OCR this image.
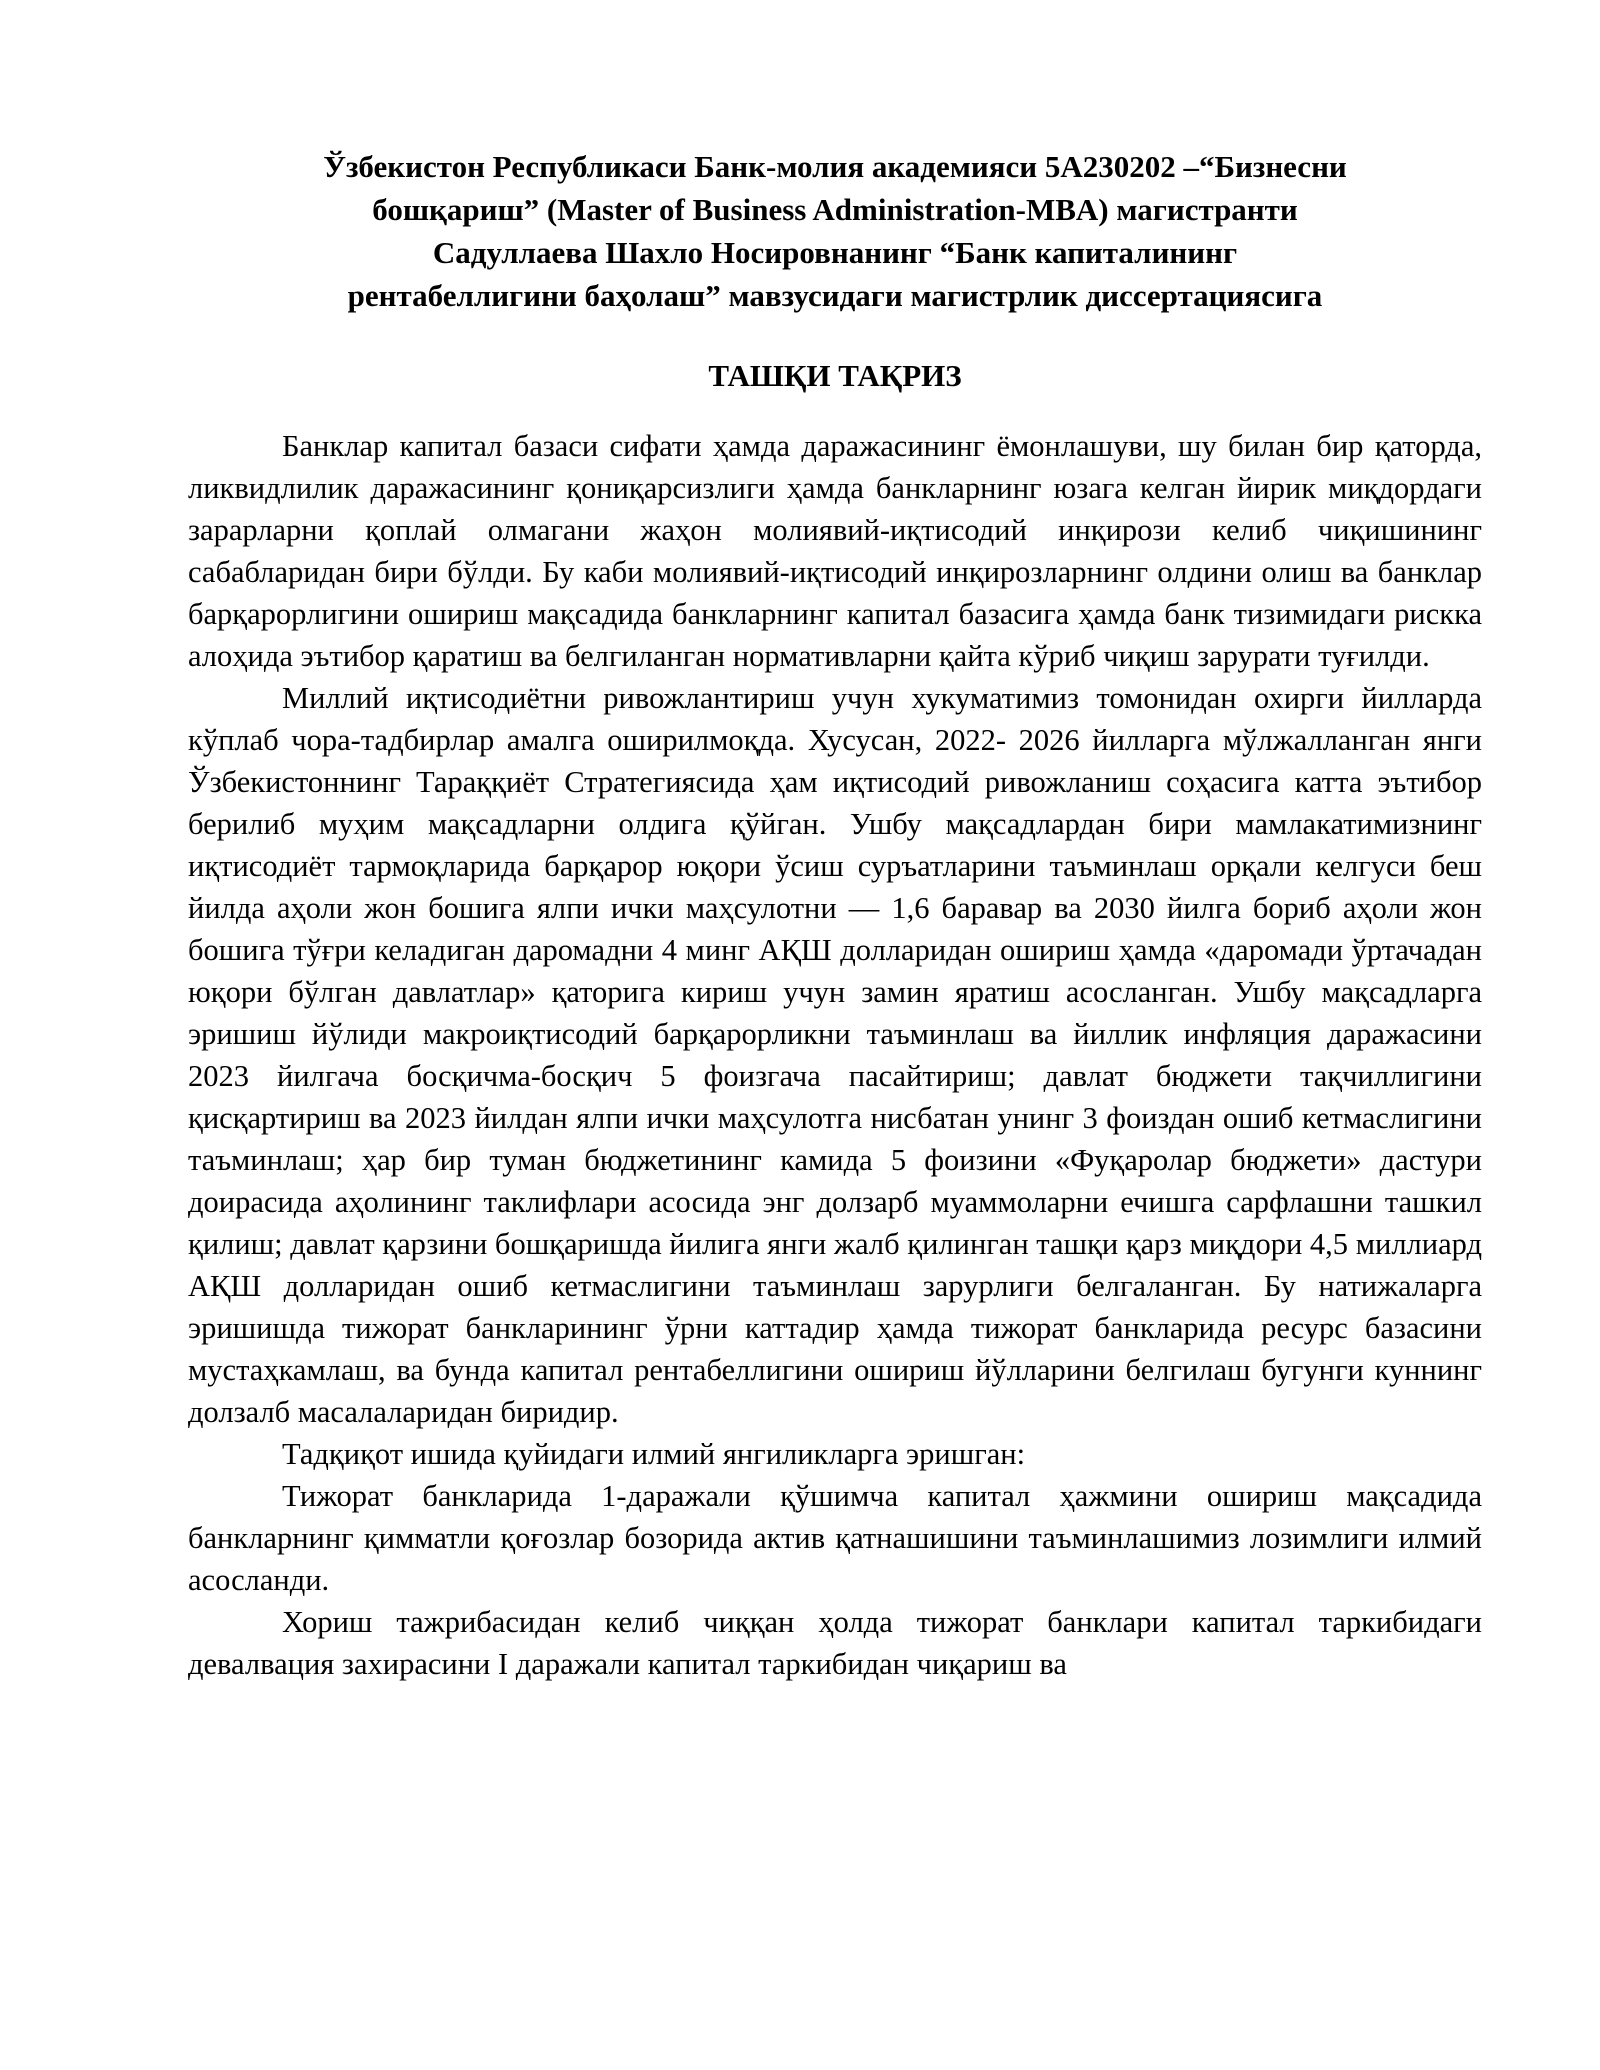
Ўзбекистон Республикаси Банк-молия академияси 5А230202 –“Бизнесни
бошқариш” (Master of Business Administration-MBA) магистранти
Садуллаева Шахло Носировнанинг “Банк капиталининг
рентабеллигини баҳолаш” мавзусидаги магистрлик диссертациясига
ТАШҚИ ТАҚРИЗ

Банклар капитал базаси сифати ҳамда даражасининг ёмонлашуви, шу билан бир қаторда, ликвидлилик даражасининг қониқарсизлиги ҳамда банкларнинг юзага келган йирик миқдордаги зарарларни қоплай олмагани жаҳон молиявий-иқтисодий инқирози келиб чиқишининг сабабларидан бири бўлди. Бу каби молиявий-иқтисодий инқирозларнинг олдини олиш ва банклар барқарорлигини ошириш мақсадида банкларнинг капитал базасига ҳамда банк тизимидаги рискка алоҳида эътибор қаратиш ва белгиланган нормативларни қайта кўриб чиқиш зарурати туғилди.

Миллий иқтисодиётни ривожлантириш учун хукуматимиз томонидан охирги йилларда кўплаб чора-тадбирлар амалга оширилмоқда. Хусусан, 2022- 2026 йилларга мўлжалланган янги Ўзбекистоннинг Тараққиёт Стратегиясида ҳам иқтисодий ривожланиш соҳасига катта эътибор берилиб муҳим мақсадларни олдига қўйган. Ушбу мақсадлардан бири мамлакатимизнинг иқтисодиёт тармоқларида барқарор юқори ўсиш суръатларини таъминлаш орқали келгуси беш йилда аҳоли жон бошига ялпи ички маҳсулотни — 1,6 баравар ва 2030 йилга бориб аҳоли жон бошига тўғри келадиган даромадни 4 минг АҚШ долларидан ошириш ҳамда «даромади ўртачадан юқори бўлган давлатлар» қаторига кириш учун замин яратиш асосланган. Ушбу мақсадларга эришиш йўлиди макроиқтисодий барқарорликни таъминлаш ва йиллик инфляция даражасини 2023 йилгача босқичма-босқич 5 фоизгача пасайтириш; давлат бюджети тақчиллигини қисқартириш ва 2023 йилдан ялпи ички маҳсулотга нисбатан унинг 3 фоиздан ошиб кетмаслигини таъминлаш; ҳар бир туман бюджетининг камида 5 фоизини «Фуқаролар бюджети» дастури доирасида аҳолининг таклифлари асосида энг долзарб муаммоларни ечишга сарфлашни ташкил қилиш; давлат қарзини бошқаришда йилига янги жалб қилинган ташқи қарз миқдори 4,5 миллиард АҚШ долларидан ошиб кетмаслигини таъминлаш зарурлиги белгаланган. Бу натижаларга эришишда тижорат банкларининг ўрни каттадир ҳамда тижорат банкларида ресурс базасини мустаҳкамлаш, ва бунда капитал рентабеллигини ошириш йўлларини белгилаш бугунги куннинг долзалб масалаларидан биридир.

Тадқиқот ишида қуйидаги илмий янгиликларга эришган:

Тижорат банкларида 1-даражали қўшимча капитал ҳажмини ошириш мақсадида банкларнинг қимматли қоғозлар бозорида актив қатнашишини таъминлашимиз лозимлиги илмий асосланди.

Хориш тажрибасидан келиб чиққан ҳолда тижорат банклари капитал таркибидаги девалвация захирасини I даражали капитал таркибидан чиқариш ва
